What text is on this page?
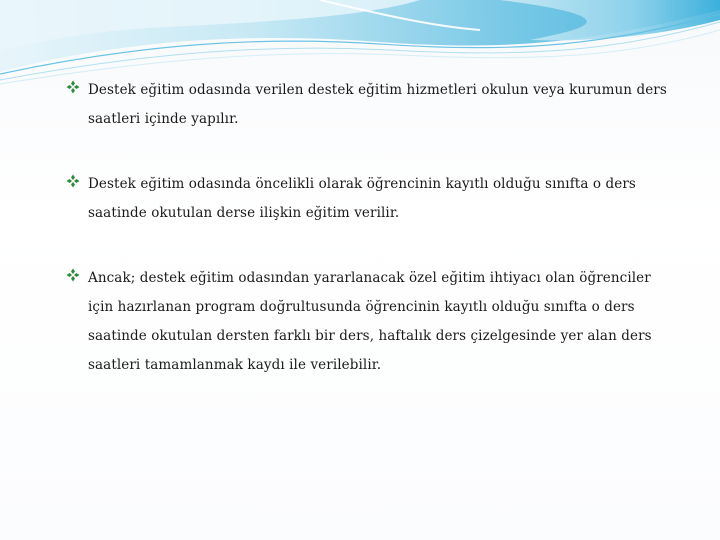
Destek eğitim odasında verilen destek eğitim hizmetleri okulun veya kurumun ders
saatleri içinde yapılır.
Destek eğitim odasında öncelikli olarak öğrencinin kayıtlı olduğu sınıfta o ders
saatinde okutulan derse ilişkin eğitim verilir.
Ancak; destek eğitim odasından yararlanacak özel eğitim ihtiyacı olan öğrenciler
için hazırlanan program doğrultusunda öğrencinin kayıtlı olduğu sınıfta o ders
saatinde okutulan dersten farklı bir ders, haftalık ders çizelgesinde yer alan ders
saatleri tamamlanmak kaydı ile verilebilir.
